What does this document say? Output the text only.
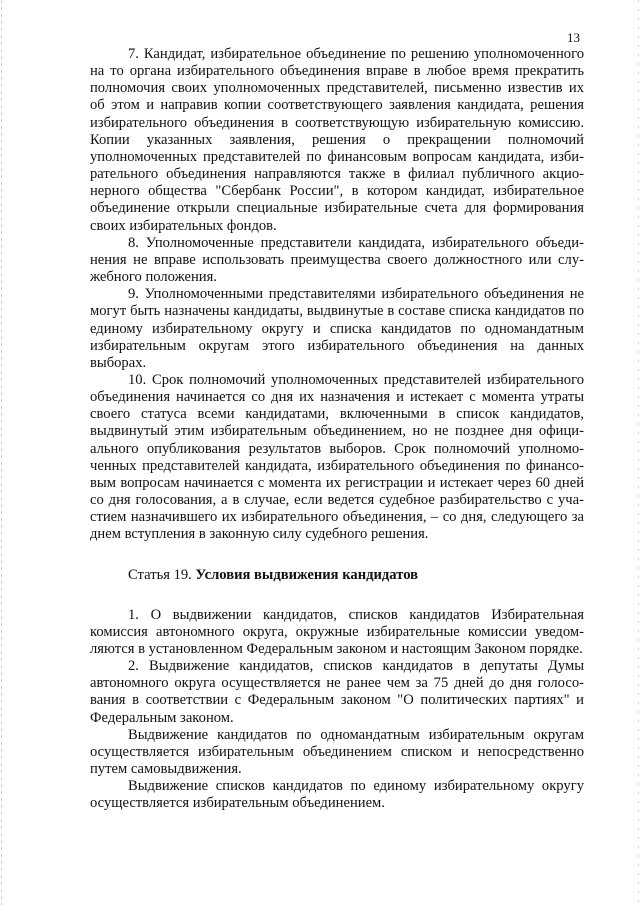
13

7. Кандидат, избирательное объединение по решению уполномоченного на то органа избирательного объединения вправе в любое время прекратить полномочия своих уполномоченных представителей, письменно известив их об этом и направив копии соответствующего заявления кандидата, решения избирательного объединения в соответствующую избирательную комиссию. Копии указанных заявления, решения о прекращении полномочий уполномоченных представителей по финансовым вопросам кандидата, избирательного объединения направляются также в филиал публичного акционерного общества "Сбербанк России", в котором кандидат, избирательное объединение открыли специальные избирательные счета для формирования своих избирательных фондов.

8. Уполномоченные представители кандидата, избирательного объединения не вправе использовать преимущества своего должностного или служебного положения.

9. Уполномоченными представителями избирательного объединения не могут быть назначены кандидаты, выдвинутые в составе списка кандидатов по единому избирательному округу и списка кандидатов по одномандатным избирательным округам этого избирательного объединения на данных выборах.

10. Срок полномочий уполномоченных представителей избирательного объединения начинается со дня их назначения и истекает с момента утраты своего статуса всеми кандидатами, включенными в список кандидатов, выдвинутый этим избирательным объединением, но не позднее дня официального опубликования результатов выборов. Срок полномочий уполномоченных представителей кандидата, избирательного объединения по финансовым вопросам начинается с момента их регистрации и истекает через 60 дней со дня голосования, а в случае, если ведется судебное разбирательство с участием назначившего их избирательного объединения, – со дня, следующего за днем вступления в законную силу судебного решения.

Статья 19. Условия выдвижения кандидатов

1. О выдвижении кандидатов, списков кандидатов Избирательная комиссия автономного округа, окружные избирательные комиссии уведомляются в установленном Федеральным законом и настоящим Законом порядке.

2. Выдвижение кандидатов, списков кандидатов в депутаты Думы автономного округа осуществляется не ранее чем за 75 дней до дня голосования в соответствии с Федеральным законом "О политических партиях" и Федеральным законом.

Выдвижение кандидатов по одномандатным избирательным округам осуществляется избирательным объединением списком и непосредственно путем самовыдвижения.

Выдвижение списков кандидатов по единому избирательному округу осуществляется избирательным объединением.
